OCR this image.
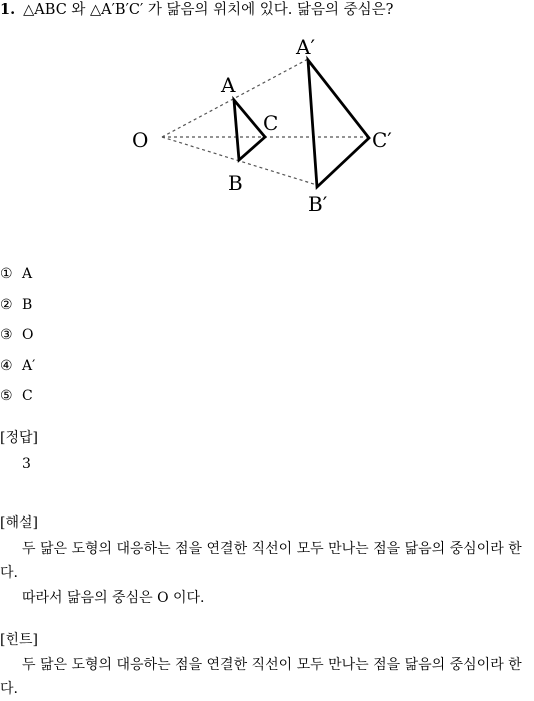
1. △ABC 와 △A′B′C′ 가 닮음의 위치에 있다. 닮음의 중심은?
O
A
B
C
A′
B′
C′
① A
② B
③ O
④ A′
⑤ C
[정답]
3
[해설]
두 닮은 도형의 대응하는 점을 연결한 직선이 모두 만나는 점을 닮음의 중심이라 한다.
따라서 닮음의 중심은 O 이다.
[힌트]
두 닮은 도형의 대응하는 점을 연결한 직선이 모두 만나는 점을 닮음의 중심이라 한다.
